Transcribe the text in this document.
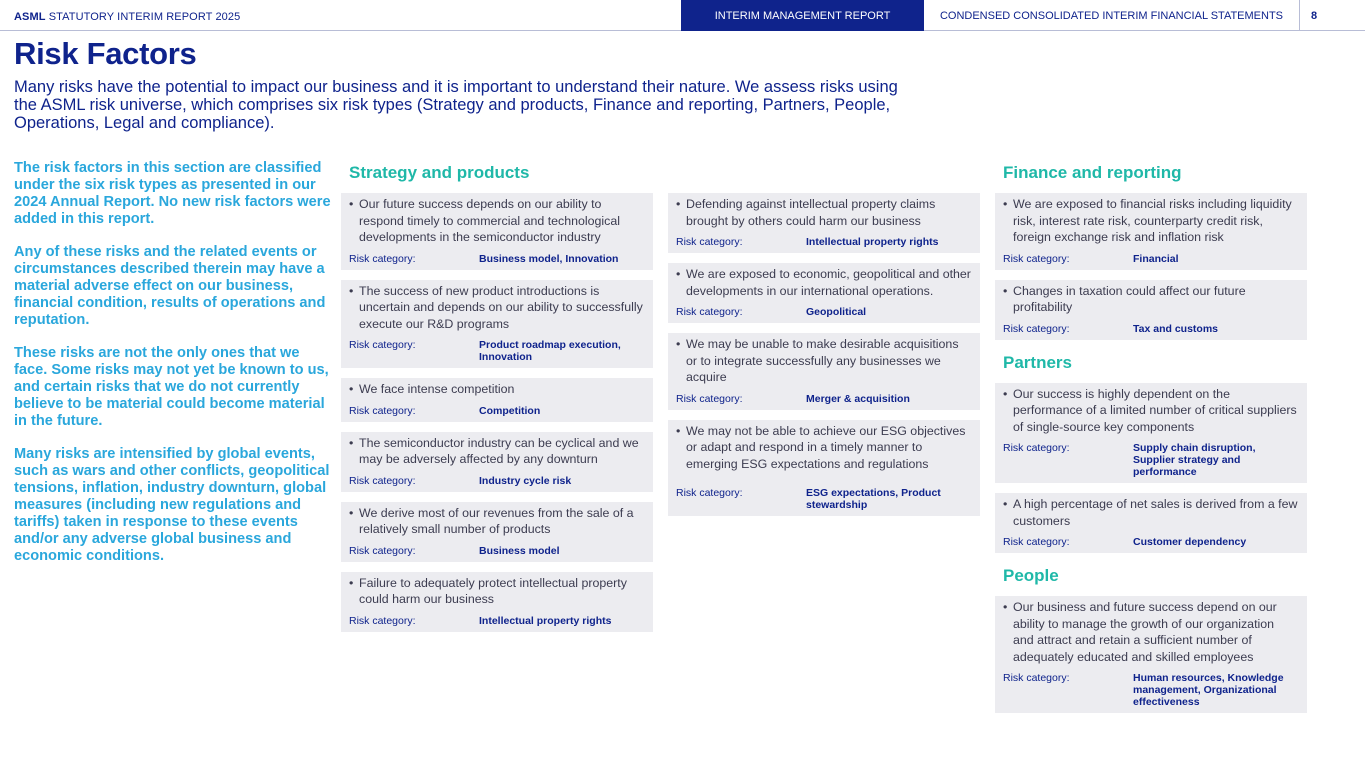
ASML STATUTORY INTERIM REPORT 2025	INTERIM MANAGEMENT REPORT	CONDENSED CONSOLIDATED INTERIM FINANCIAL STATEMENTS	8
Risk Factors

Many risks have the potential to impact our business and it is important to understand their nature. We assess risks using the ASML risk universe, which comprises six risk types (Strategy and products, Finance and reporting, Partners, People, Operations, Legal and compliance).

The risk factors in this section are classified under the six risk types as presented in our 2024 Annual Report. No new risk factors were added in this report.

Any of these risks and the related events or circumstances described therein may have a material adverse effect on our business, financial condition, results of operations and reputation.

These risks are not the only ones that we face. Some risks may not yet be known to us, and certain risks that we do not currently believe to be material could become material in the future.

Many risks are intensified by global events, such as wars and other conflicts, geopolitical tensions, inflation, industry downturn, global measures (including new regulations and tariffs) taken in response to these events and/or any adverse global business and economic conditions.

Strategy and products
• Our future success depends on our ability to respond timely to commercial and technological developments in the semiconductor industry
Risk category:	Business model, Innovation
• The success of new product introductions is uncertain and depends on our ability to successfully execute our R&D programs
Risk category:	Product roadmap execution, Innovation
• We face intense competition
Risk category:	Competition
• The semiconductor industry can be cyclical and we may be adversely affected by any downturn
Risk category:	Industry cycle risk
• We derive most of our revenues from the sale of a relatively small number of products
Risk category:	Business model
• Failure to adequately protect intellectual property could harm our business
Risk category:	Intellectual property rights
• Defending against intellectual property claims brought by others could harm our business
Risk category:	Intellectual property rights
• We are exposed to economic, geopolitical and other developments in our international operations.
Risk category:	Geopolitical
• We may be unable to make desirable acquisitions or to integrate successfully any businesses we acquire
Risk category:	Merger & acquisition
• We may not be able to achieve our ESG objectives or adapt and respond in a timely manner to emerging ESG expectations and regulations
Risk category:	ESG expectations, Product stewardship
Finance and reporting
• We are exposed to financial risks including liquidity risk, interest rate risk, counterparty credit risk, foreign exchange risk and inflation risk
Risk category:	Financial
• Changes in taxation could affect our future profitability
Risk category:	Tax and customs
Partners
• Our success is highly dependent on the performance of a limited number of critical suppliers of single-source key components
Risk category:	Supply chain disruption, Supplier strategy and performance
• A high percentage of net sales is derived from a few customers
Risk category:	Customer dependency
People
• Our business and future success depend on our ability to manage the growth of our organization and attract and retain a sufficient number of adequately educated and skilled employees
Risk category:	Human resources, Knowledge management, Organizational effectiveness
